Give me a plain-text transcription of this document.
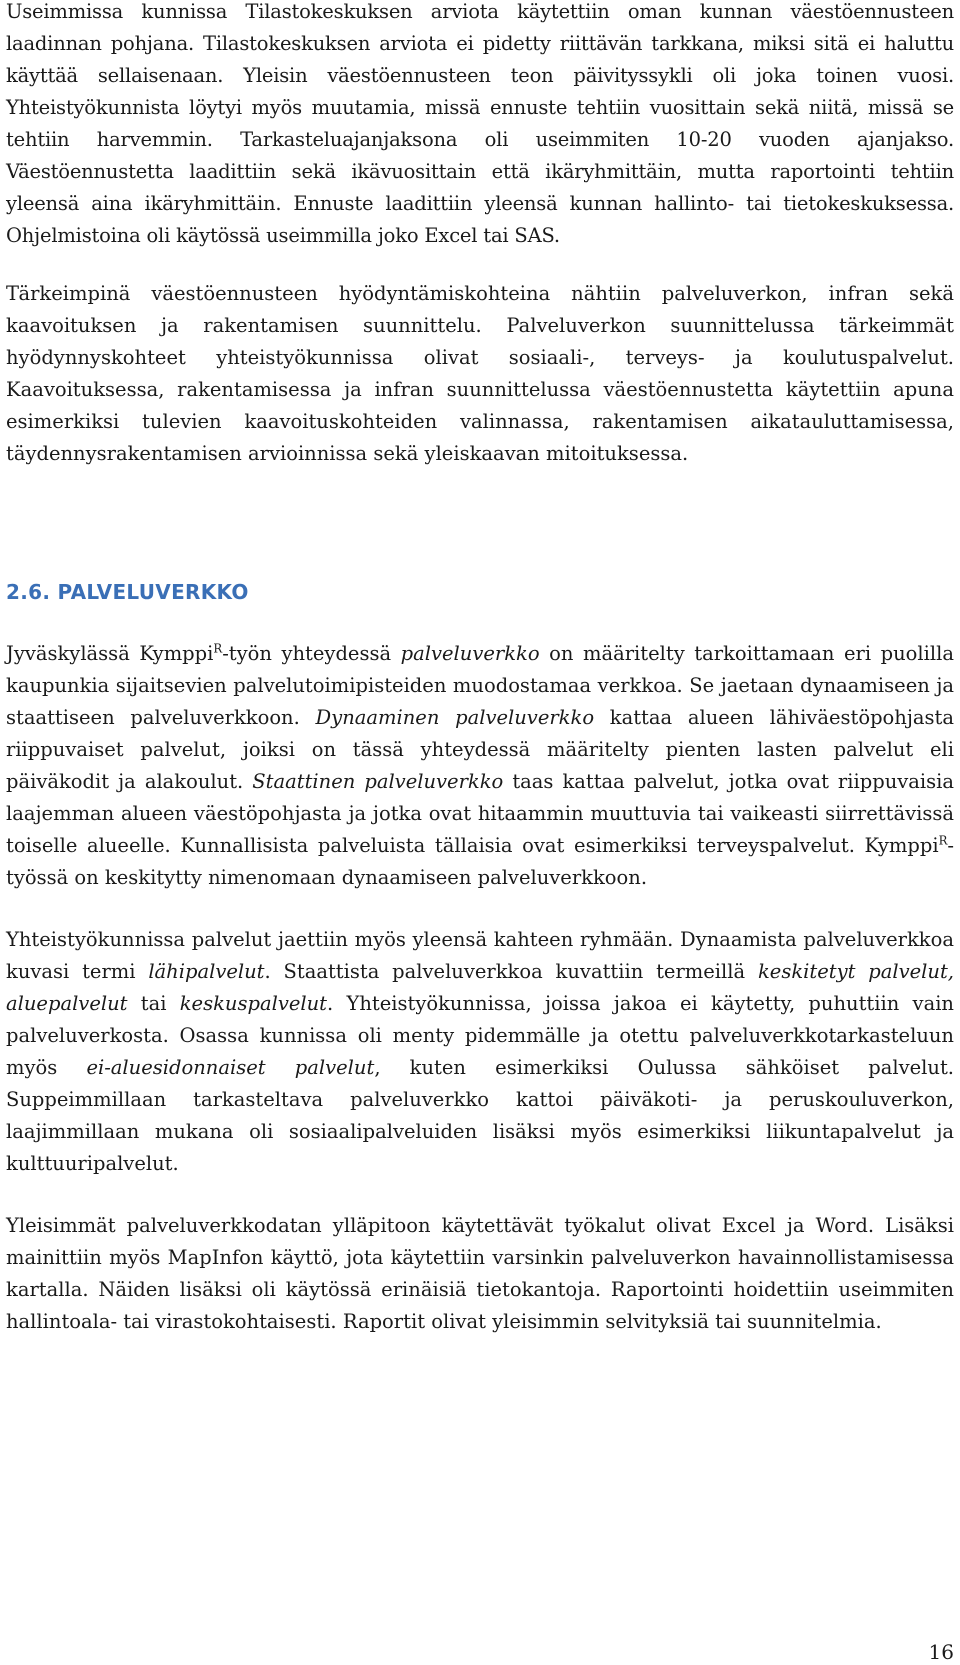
Useimmissa kunnissa Tilastokeskuksen arviota käytettiin oman kunnan väestöennusteen laadinnan pohjana. Tilastokeskuksen arviota ei pidetty riittävän tarkkana, miksi sitä ei haluttu käyttää sellaisenaan. Yleisin väestöennusteen teon päivityssykli oli joka toinen vuosi. Yhteistyökunnista löytyi myös muutamia, missä ennuste tehtiin vuosittain sekä niitä, missä se tehtiin harvemmin. Tarkasteluajanjaksona oli useimmiten 10-20 vuoden ajanjakso. Väestöennustetta laadittiin sekä ikävuosittain että ikäryhmittäin, mutta raportointi tehtiin yleensä aina ikäryhmittäin. Ennuste laadittiin yleensä kunnan hallinto- tai tietokeskuksessa. Ohjelmistoina oli käytössä useimmilla joko Excel tai SAS.

Tärkeimpinä väestöennusteen hyödyntämiskohteina nähtiin palveluverkon, infran sekä kaavoituksen ja rakentamisen suunnittelu. Palveluverkon suunnittelussa tärkeimmät hyödynnyskohteet yhteistyökunnissa olivat sosiaali-, terveys- ja koulutuspalvelut. Kaavoituksessa, rakentamisessa ja infran suunnittelussa väestöennustetta käytettiin apuna esimerkiksi tulevien kaavoituskohteiden valinnassa, rakentamisen aikatauluttamisessa, täydennysrakentamisen arvioinnissa sekä yleiskaavan mitoituksessa.

2.6. PALVELUVERKKO

Jyväskylässä Kymppi$^R$-työn yhteydessä palveluverkko on määritelty tarkoittamaan eri puolilla kaupunkia sijaitsevien palvelutoimipisteiden muodostamaa verkkoa. Se jaetaan dynaamiseen ja staattiseen palveluverkkoon. Dynaaminen palveluverkko kattaa alueen lähiväestöpohjasta riippuvaiset palvelut, joiksi on tässä yhteydessä määritelty pienten lasten palvelut eli päiväkodit ja alakoulut. Staattinen palveluverkko taas kattaa palvelut, jotka ovat riippuvaisia laajemman alueen väestöpohjasta ja jotka ovat hitaammin muuttuvia tai vaikeasti siirrettävissä toiselle alueelle. Kunnallisista palveluista tällaisia ovat esimerkiksi terveyspalvelut. Kymppi$^R$-työssä on keskitytty nimenomaan dynaamiseen palveluverkkoon.

Yhteistyökunnissa palvelut jaettiin myös yleensä kahteen ryhmään. Dynaamista palveluverkkoa kuvasi termi lähipalvelut. Staattista palveluverkkoa kuvattiin termeillä keskitetyt palvelut, aluepalvelut tai keskuspalvelut. Yhteistyökunnissa, joissa jakoa ei käytetty, puhuttiin vain palveluverkosta. Osassa kunnissa oli menty pidemmälle ja otettu palveluverkkotarkasteluun myös ei-aluesidonnaiset palvelut, kuten esimerkiksi Oulussa sähköiset palvelut. Suppeimmillaan tarkasteltava palveluverkko kattoi päiväkoti- ja peruskouluverkon, laajimmillaan mukana oli sosiaalipalveluiden lisäksi myös esimerkiksi liikuntapalvelut ja kulttuuripalvelut.

Yleisimmät palveluverkkodatan ylläpitoon käytettävät työkalut olivat Excel ja Word. Lisäksi mainittiin myös MapInfon käyttö, jota käytettiin varsinkin palveluverkon havainnollistamisessa kartalla. Näiden lisäksi oli käytössä erinäisiä tietokantoja. Raportointi hoidettiin useimmiten hallintoala- tai virastokohtaisesti. Raportit olivat yleisimmin selvityksiä tai suunnitelmia.

16
